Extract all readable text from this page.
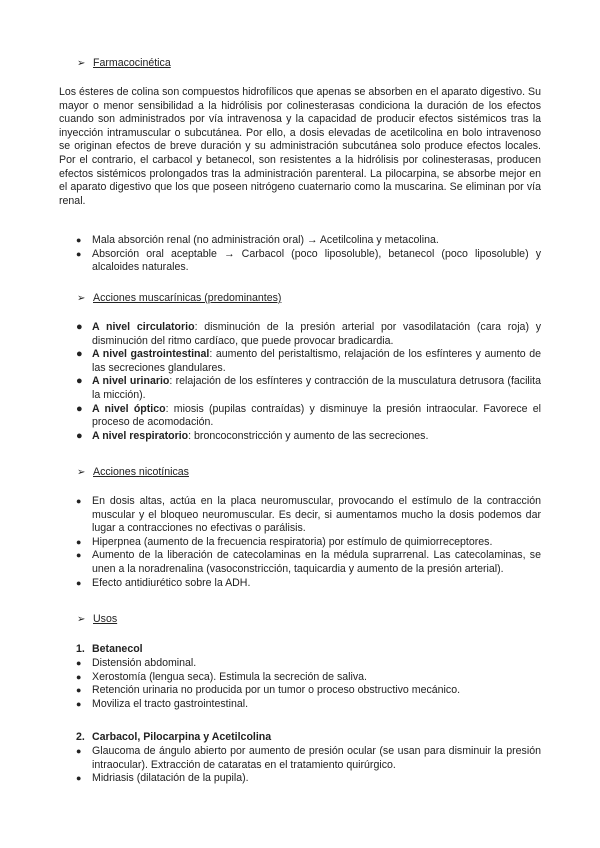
➢ Farmacocinética
Los ésteres de colina son compuestos hidrofílicos que apenas se absorben en el aparato digestivo. Su mayor o menor sensibilidad a la hidrólisis por colinesterasas condiciona la duración de los efectos cuando son administrados por vía intravenosa y la capacidad de producir efectos sistémicos tras la inyección intramuscular o subcutánea. Por ello, a dosis elevadas de acetilcolina en bolo intravenoso se originan efectos de breve duración y su administración subcutánea solo produce efectos locales. Por el contrario, el carbacol y betanecol, son resistentes a la hidrólisis por colinesterasas, producen efectos sistémicos prolongados tras la administración parenteral. La pilocarpina, se absorbe mejor en el aparato digestivo que los que poseen nitrógeno cuaternario como la muscarina. Se eliminan por vía renal.
● Mala absorción renal (no administración oral) → Acetilcolina y metacolina.
● Absorción oral aceptable → Carbacol (poco liposoluble), betanecol (poco liposoluble) y alcaloides naturales.
➢ Acciones muscarínicas (predominantes)
● A nivel circulatorio: disminución de la presión arterial por vasodilatación (cara roja) y disminución del ritmo cardíaco, que puede provocar bradicardia.
● A nivel gastrointestinal: aumento del peristaltismo, relajación de los esfínteres y aumento de las secreciones glandulares.
● A nivel urinario: relajación de los esfínteres y contracción de la musculatura detrusora (facilita la micción).
● A nivel óptico: miosis (pupilas contraídas) y disminuye la presión intraocular. Favorece el proceso de acomodación.
● A nivel respiratorio: broncoconstricción y aumento de las secreciones.
➢ Acciones nicotínicas
● En dosis altas, actúa en la placa neuromuscular, provocando el estímulo de la contracción muscular y el bloqueo neuromuscular. Es decir, si aumentamos mucho la dosis podemos dar lugar a contracciones no efectivas o parálisis.
● Hiperpnea (aumento de la frecuencia respiratoria) por estímulo de quimiorreceptores.
● Aumento de la liberación de catecolaminas en la médula suprarrenal. Las catecolaminas, se unen a la noradrenalina (vasoconstricción, taquicardia y aumento de la presión arterial).
● Efecto antidiurético sobre la ADH.
➢ Usos
1. Betanecol
● Distensión abdominal.
● Xerostomía (lengua seca). Estimula la secreción de saliva.
● Retención urinaria no producida por un tumor o proceso obstructivo mecánico.
● Moviliza el tracto gastrointestinal.
2. Carbacol, Pilocarpina y Acetilcolina
● Glaucoma de ángulo abierto por aumento de presión ocular (se usan para disminuir la presión intraocular). Extracción de cataratas en el tratamiento quirúrgico.
● Midriasis (dilatación de la pupila).
